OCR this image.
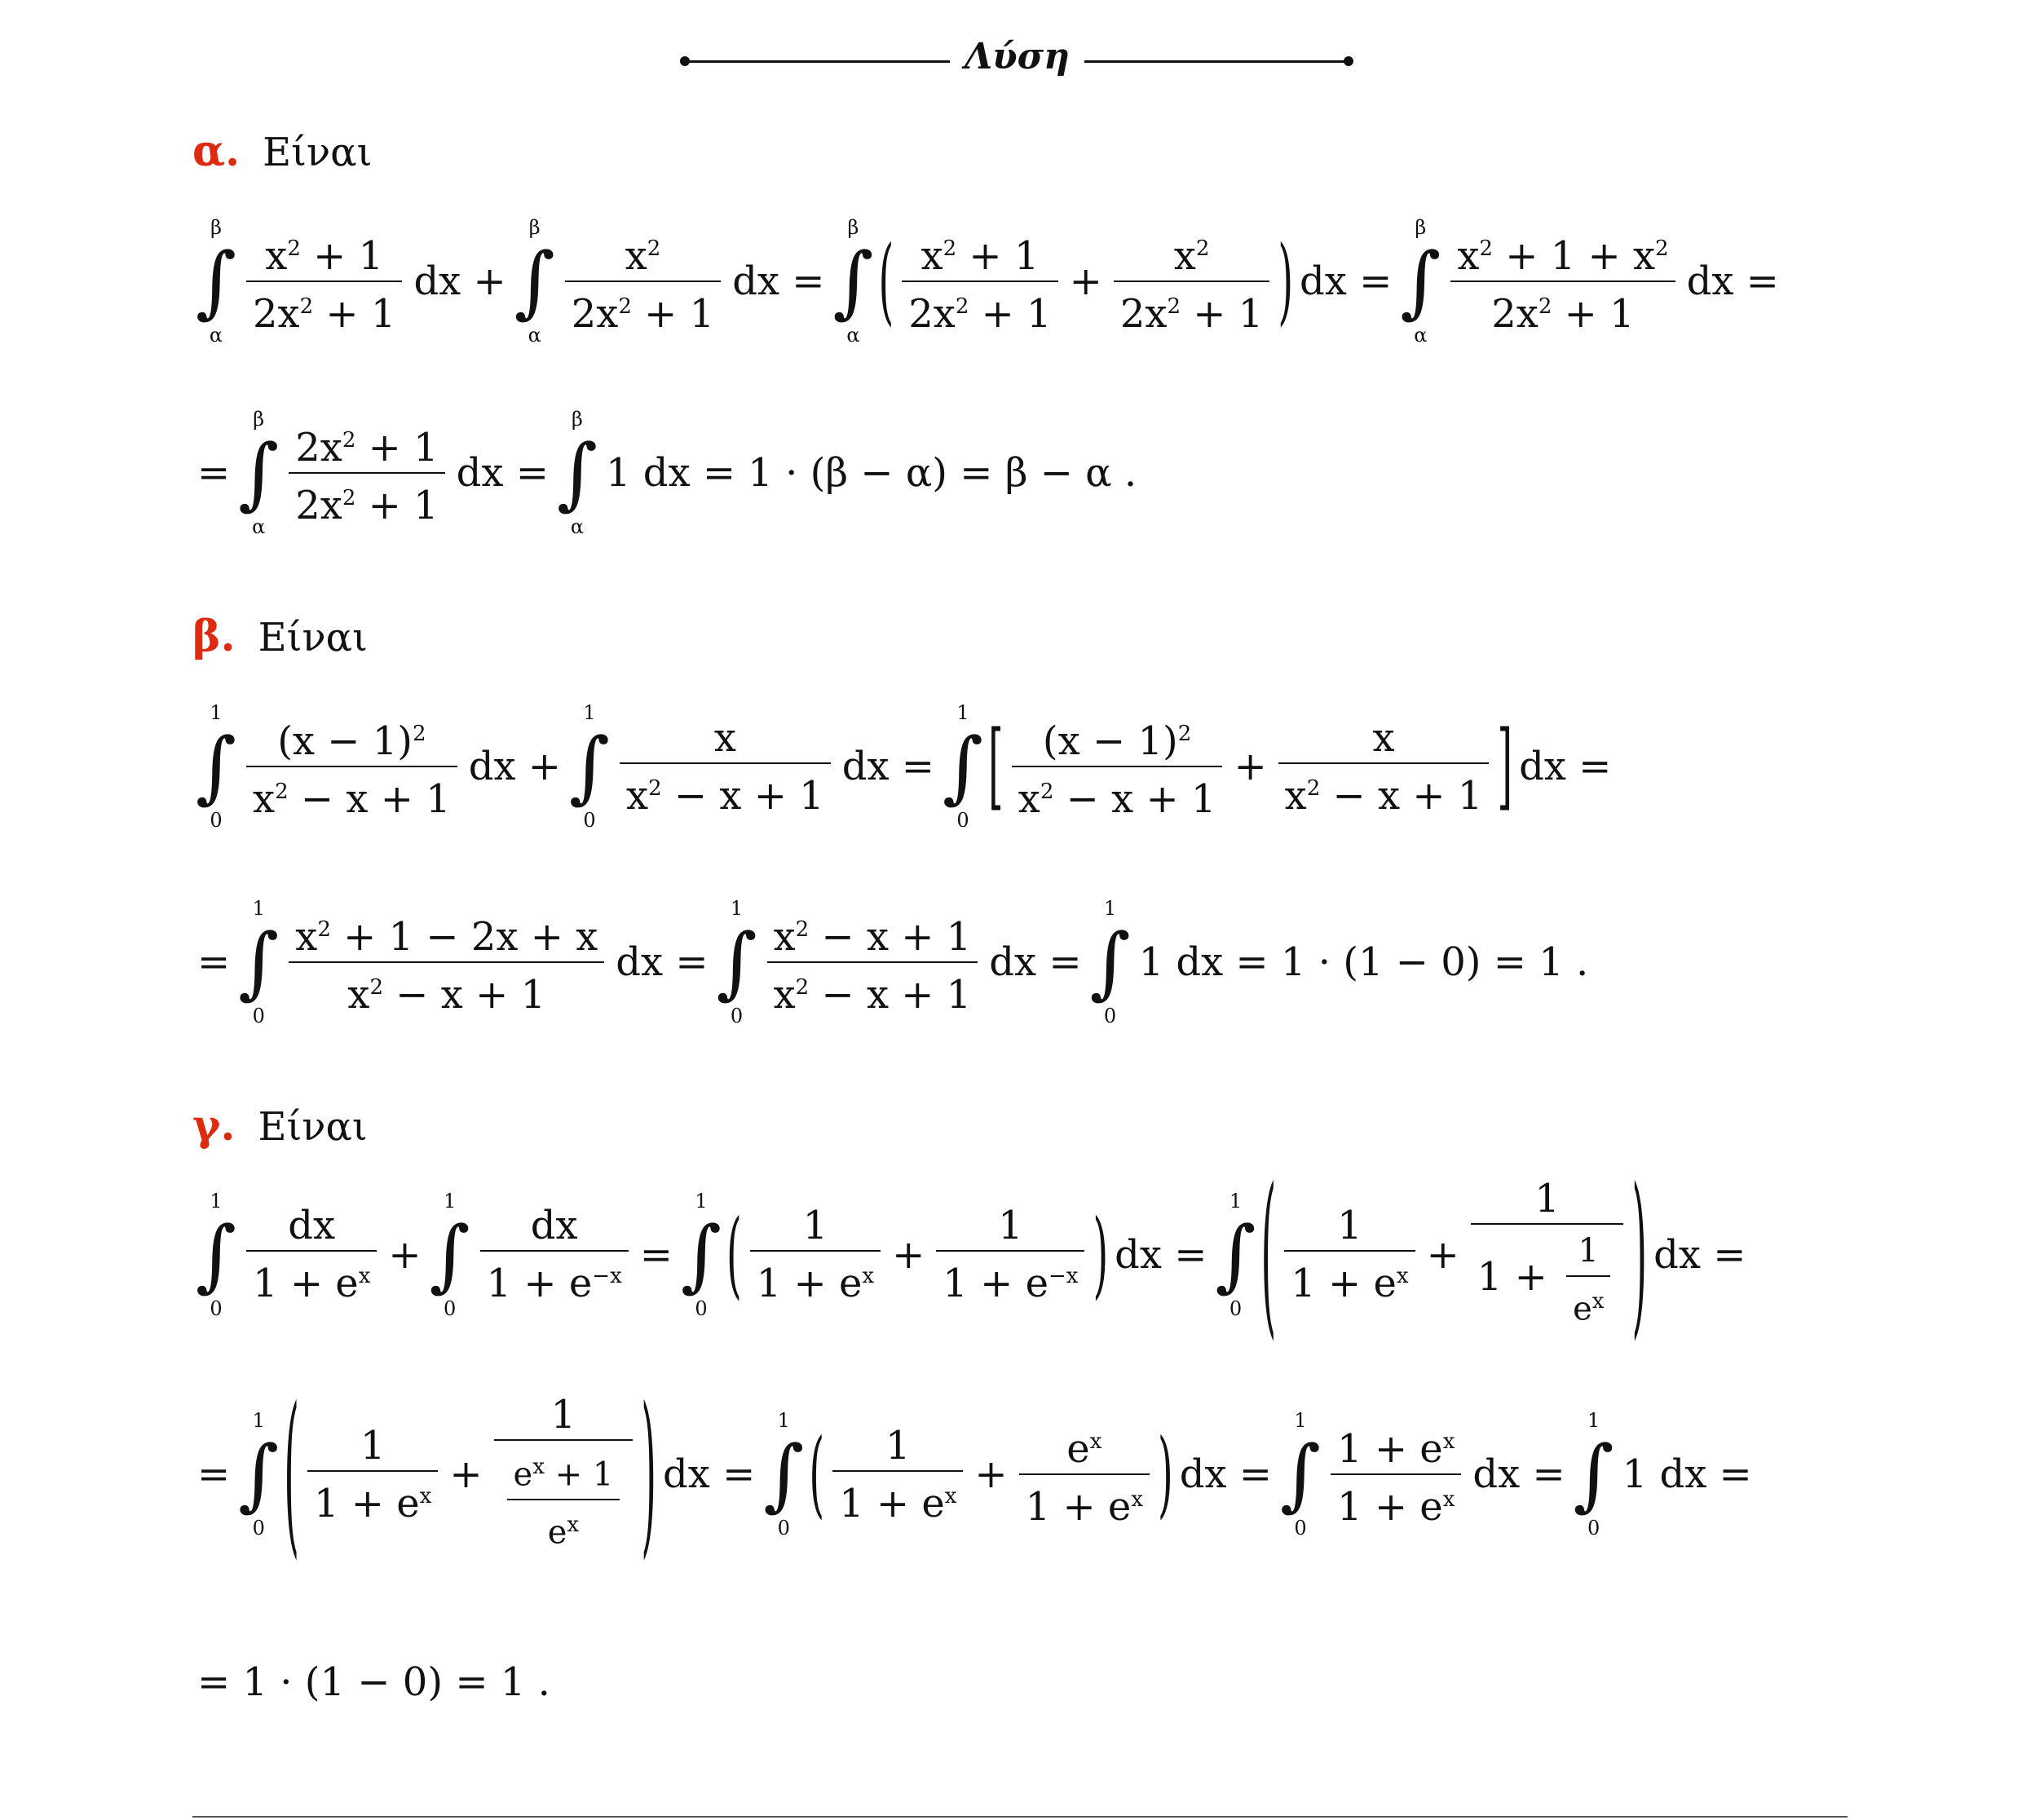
Λύση
α. Είναι
β
∫
α $\frac{x^2 + 1}{2x^2 + 1}$ dx +
β
∫
α $\frac{x^2}{2x^2 + 1}$ dx =
β
∫
α ( $\frac{x^2 + 1}{2x^2 + 1} + \frac{x^2}{2x^2 + 1}$ ) dx =
β
∫
α $\frac{x^2 + 1 + x^2}{2x^2 + 1}$ dx =
=
β
∫
α $\frac{2x^2 + 1}{2x^2 + 1}$ dx =
β
∫
α
1 dx = 1 · (β − α) = β − α .
β. Είναι
1
∫
$0 \frac{(x - 1)^2}{x^2 - x + 1}$ dx +
1
∫
0
$\frac{x}{x^2 - x + 1}$ dx =
1
∫
0 [ $\frac{(x - 1)^2}{x^2 - x + 1} + \frac{x}{x^2 - x + 1}$ ] dx =
=
1
∫
$0 \frac{x^2 + 1 - 2x + x}{x^2 - x + 1}$ dx =
1
∫
$0 \frac{x^2 - x + 1}{x^2 - x + 1}$ dx =
1
∫
0
1 dx = 1 · (1 − 0) = 1 .
γ. Είναι
1
∫
0
$\frac{dx}{1 + e^x}$ +
1
∫
0
$\frac{dx}{1 + e^{-x}}$ =
1
∫
0 ( $\frac{1}{1 + e^x} + \frac{1}{1 + e^{-x}}$ ) dx =
1
∫
0 ( $\frac{1}{1 + e^x} + \frac{1}{1 + \frac{1}{e^x}}$ ) dx =
=
1
∫
0 ( $\frac{1}{1 + e^x} + \frac{1}{\frac{e^x + 1}{e^x}}$ ) dx =
1
∫
0 ( $\frac{1}{1 + e^x} + \frac{e^x}{1 + e^x}$ ) dx =
1
∫
$0 \frac{1 + e^x}{1 + e^x}$ dx =
1
∫
0
1 dx =
= 1 · (1 − 0) = 1 .
